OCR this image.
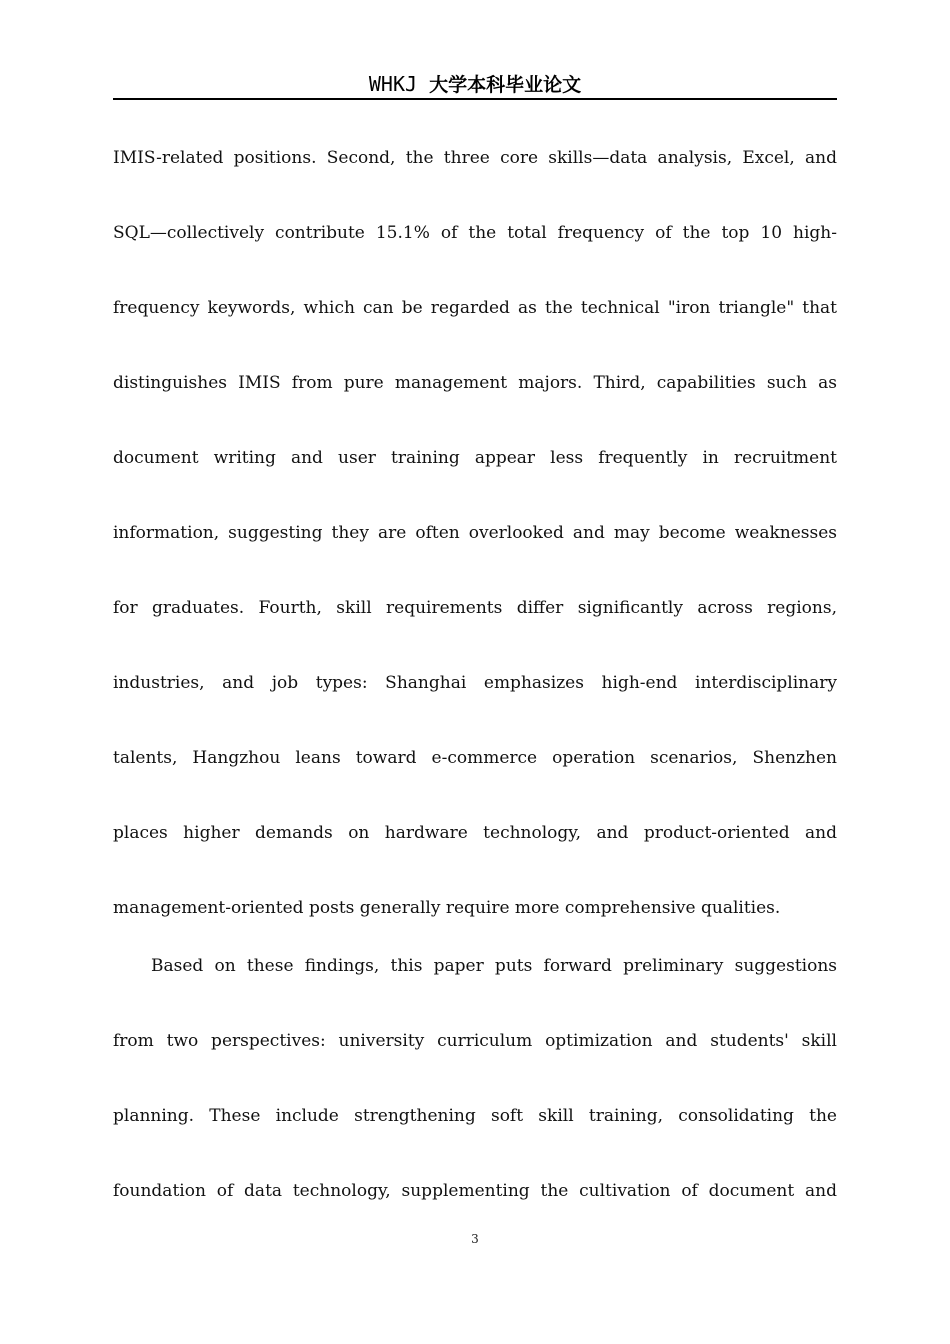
WHKJ 大学本科毕业论文

IMIS-related positions. Second, the three core skills—data analysis, Excel, and
SQL—collectively contribute 15.1% of the total frequency of the top 10 high-
frequency keywords, which can be regarded as the technical "iron triangle" that
distinguishes IMIS from pure management majors. Third, capabilities such as
document writing and user training appear less frequently in recruitment
information, suggesting they are often overlooked and may become weaknesses
for graduates. Fourth, skill requirements differ significantly across regions,
industries, and job types: Shanghai emphasizes high-end interdisciplinary
talents, Hangzhou leans toward e-commerce operation scenarios, Shenzhen
places higher demands on hardware technology, and product-oriented and
management-oriented posts generally require more comprehensive qualities.

Based on these findings, this paper puts forward preliminary suggestions
from two perspectives: university curriculum optimization and students' skill
planning. These include strengthening soft skill training, consolidating the
foundation of data technology, supplementing the cultivation of document and

3
